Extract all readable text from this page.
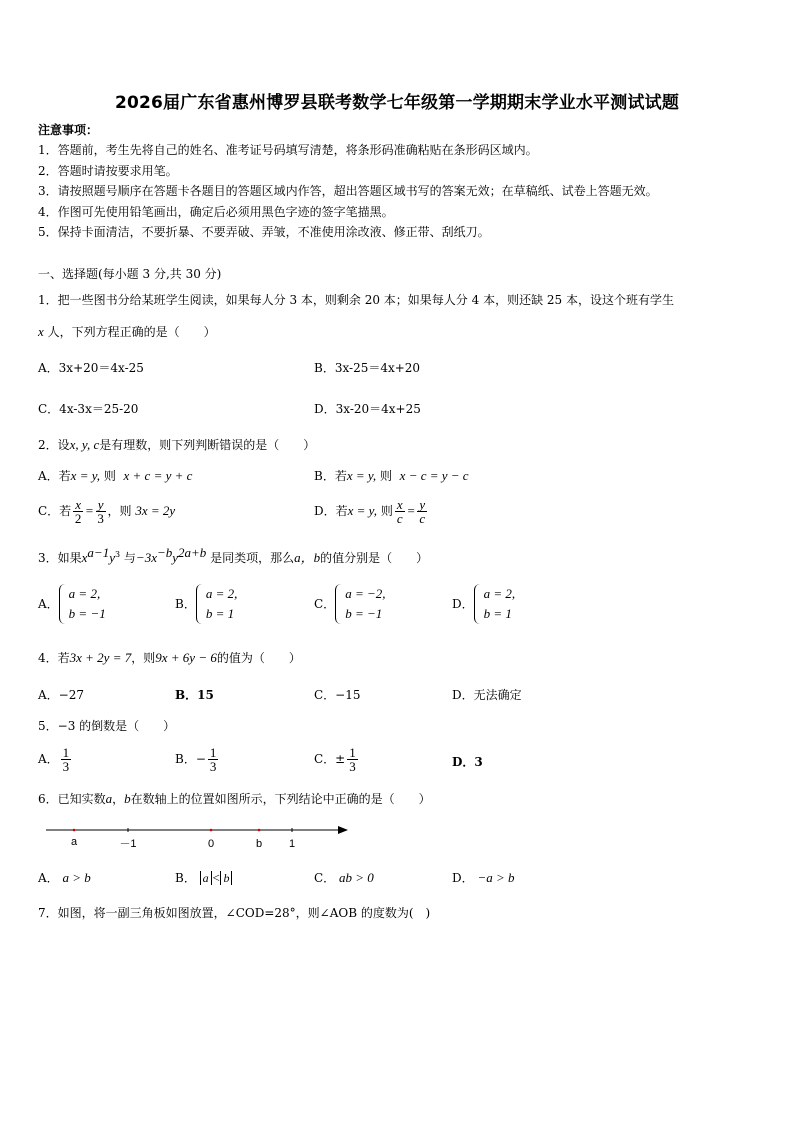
2026届广东省惠州博罗县联考数学七年级第一学期期末学业水平测试试题
注意事项：
1．答题前，考生先将自己的姓名、准考证号码填写清楚，将条形码准确粘贴在条形码区域内。
2．答题时请按要求用笔。
3．请按照题号顺序在答题卡各题目的答题区域内作答，超出答题区域书写的答案无效；在草稿纸、试卷上答题无效。
4．作图可先使用铅笔画出，确定后必须用黑色字迹的签字笔描黑。
5．保持卡面清洁，不要折暴、不要弄破、弄皱，不准使用涂改液、修正带、刮纸刀。
一、选择题(每小题 3 分,共 30 分)
1．把一些图书分给某班学生阅读，如果每人分 3 本，则剩余 20 本；如果每人分 4 本，则还缺 25 本，设这个班有学生
x 人，下列方程正确的是（　　）
A．3x+20＝4x-25	B．3x-25＝4x+20
C．4x-3x＝25-20	D．3x-20＝4x+25
2．设x, y, c是有理数，则下列判断错误的是（　　）
A．若x = y, 则 x + c = y + c	B．若x = y, 则 x − c = y − c
C．若 $\frac{x}{2} = \frac{y}{3}$ ，则 3x = 2y	D．若x = y, 则 $\frac{x}{c} = \frac{y}{c}$
3．如果$x^{a-1}y^3$ 与$-3x^{-b}y^{2a+b}$ 是同类项，那么a，b的值分别是（　　）
A．
a = 2,
b = −1
B．
a = 2,
b = 1
C．
a = −2,
b = −1
D．
a = 2,
b = 1
4．若3x + 2y = 7，则9x + 6y − 6的值为（　　）
A．−27	B．15	C．−15	D．无法确定
5．−3 的倒数是（　　）
A． $\frac{1}{3}$	B．− $\frac{1}{3}$	C．± $\frac{1}{3}$	D．3
6．已知实数a，b在数轴上的位置如图所示，下列结论中正确的是（　　）
a	－1	0	b 1
A． a > b	B． a < b	C． ab > 0	D． −a > b
7．如图，将一副三角板如图放置，∠COD=28°，则∠AOB 的度数为(　)
